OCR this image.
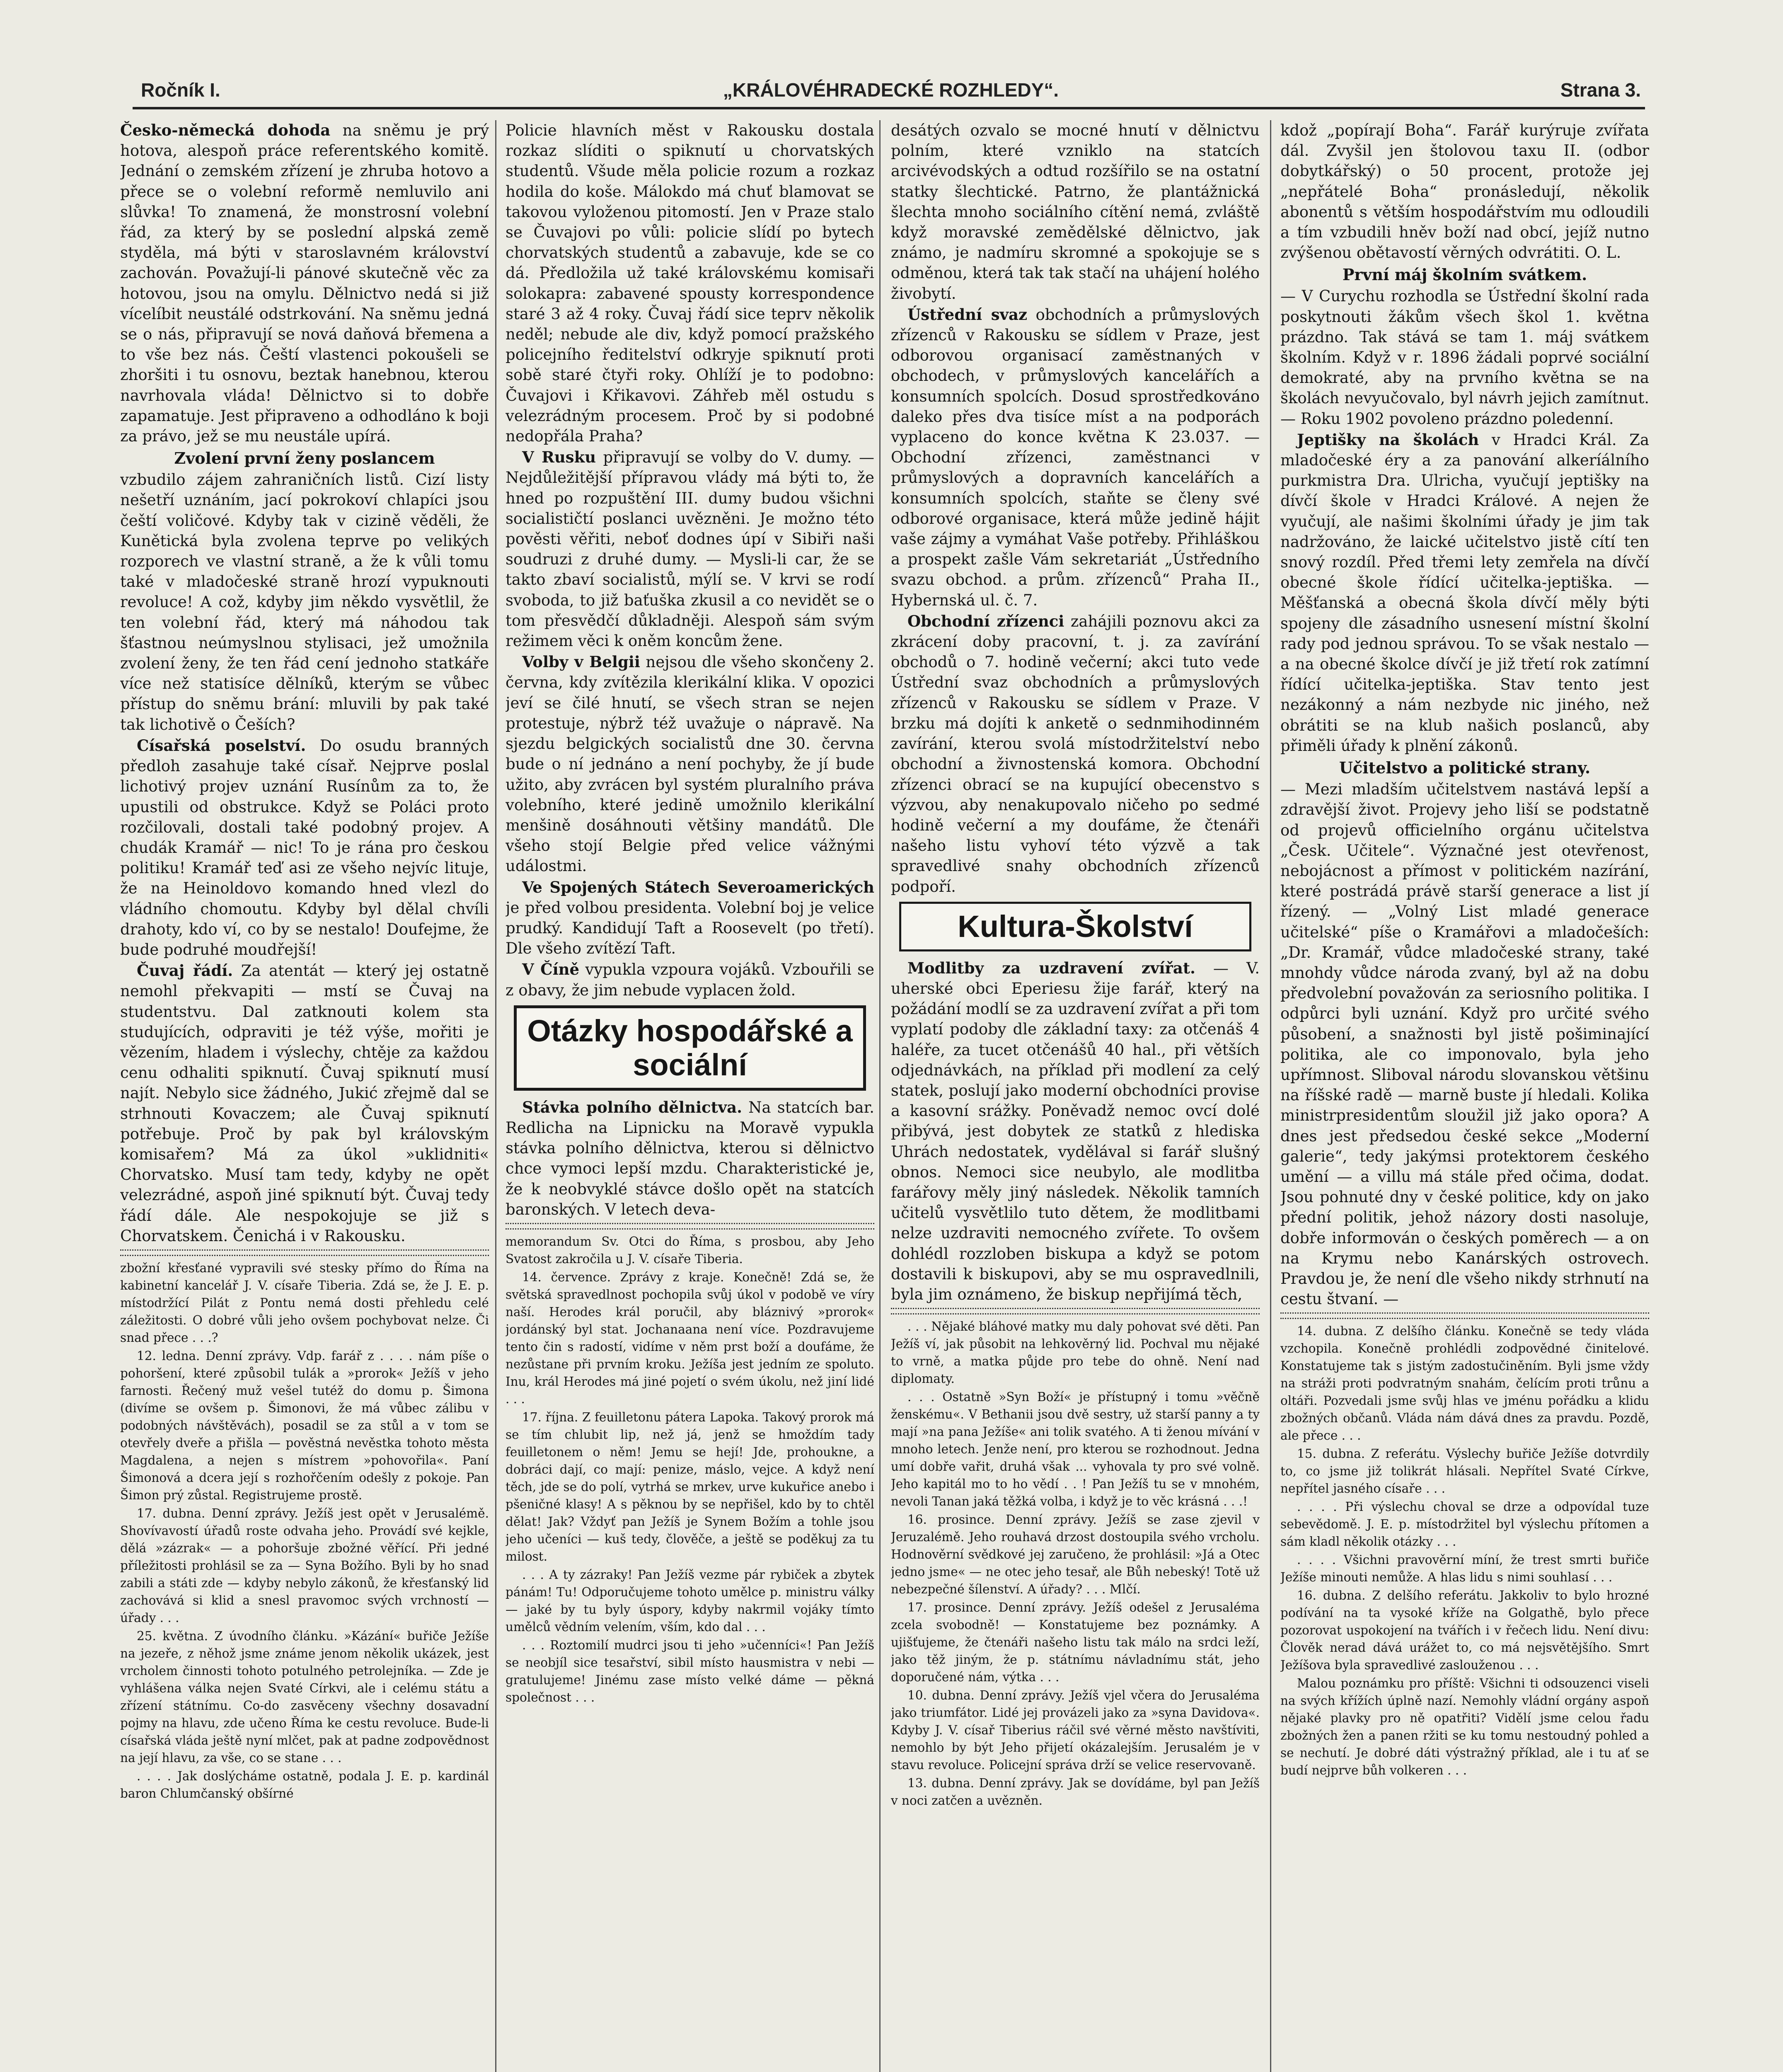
Ročník I.	„KRÁLOVÉHRADECKÉ ROZHLEDY“.	Strana 3.

Česko-německá dohoda na sněmu je prý hotova, alespoň práce referentského komitě. Jednání o zemském zřízení je zhruba hotovo a přece se o volební reformě nemluvilo ani slůvka! To znamená, že monstrosní volební řád, za který by se poslední alpská země styděla, má býti v staroslavném království zachován. Považují-li pánové skutečně věc za hotovou, jsou na omylu. Dělnictvo nedá si již vícelíbit neustálé odstrkování. Na sněmu jedná se o nás, připravují se nová daňová břemena a to vše bez nás. Čeští vlastenci pokoušeli se zhoršiti i tu osnovu, beztak hanebnou, kterou navrhovala vláda! Dělnictvo si to dobře zapamatuje. Jest připraveno a odhodláno k boji za právo, jež se mu neustále upírá.

Zvolení první ženy poslancem

vzbudilo zájem zahraničních listů. Cizí listy nešetří uznáním, jací pokrokoví chlapíci jsou čeští voličové. Kdyby tak v cizině věděli, že Kunětická byla zvolena teprve po velikých rozporech ve vlastní straně, a že k vůli tomu také v mladočeské straně hrozí vypuknouti revoluce! A což, kdyby jim někdo vysvětlil, že ten volební řád, který má náhodou tak šťastnou neúmyslnou stylisaci, jež umožnila zvolení ženy, že ten řád cení jednoho statkáře více než statisíce dělníků, kterým se vůbec přístup do sněmu brání: mluvili by pak také tak lichotivě o Češích?

Císařská poselství. Do osudu branných předloh zasahuje také císař. Nejprve poslal lichotivý projev uznání Rusínům za to, že upustili od obstrukce. Když se Poláci proto rozčilovali, dostali také podobný projev. A chudák Kramář — nic! To je rána pro českou politiku! Kramář teď asi ze všeho nejvíc lituje, že na Heinoldovo komando hned vlezl do vládního chomoutu. Kdyby byl dělal chvíli drahoty, kdo ví, co by se nestalo! Doufejme, že bude podruhé moudřejší!

Čuvaj řádí. Za atentát — který jej ostatně nemohl překvapiti — mstí se Čuvaj na studentstvu. Dal zatknouti kolem sta studujících, odpraviti je též výše, mořiti je vězením, hladem i výslechy, chtěje za každou cenu odhaliti spiknutí. Čuvaj spiknutí musí najít. Nebylo sice žádného, Jukić zřejmě dal se strhnouti Kovaczem; ale Čuvaj spiknutí potřebuje. Proč by pak byl královským komisařem? Má za úkol »uklidniti« Chorvatsko. Musí tam tedy, kdyby ne opět velezrádné, aspoň jiné spiknutí být. Čuvaj tedy řádí dále. Ale nespokojuje se již s Chorvatskem. Čenichá i v Rakousku.

zbožní křesťané vypravili své stesky přímo do Říma na kabinetní kancelář J. V. císaře Tiberia. Zdá se, že J. E. p. místodržící Pilát z Pontu nemá dosti přehledu celé záležitosti. O dobré vůli jeho ovšem pochybovat nelze. Či snad přece . . .?

12. ledna. Denní zprávy. Vdp. farář z . . . . nám píše o pohoršení, které způsobil tulák a »prorok« Ježíš v jeho farnosti. Řečený muž vešel tutéž do domu p. Šimona (divíme se ovšem p. Šimonovi, že má vůbec zálibu v podobných návštěvách), posadil se za stůl a v tom se otevřely dveře a přišla — pověstná nevěstka tohoto města Magdalena, a nejen s místrem »pohovořila«. Paní Šimonová a dcera její s rozhořčením odešly z pokoje. Pan Šimon prý zůstal. Registrujeme prostě.

17. dubna. Denní zprávy. Ježíš jest opět v Jerusalémě. Shovívavostí úřadů roste odvaha jeho. Provádí své kejkle, dělá »zázrak« — a pohoršuje zbožné věřící. Při jedné příležitosti prohlásil se za — Syna Božího. Byli by ho snad zabili a státi zde — kdyby nebylo zákonů, že křesťanský lid zachovává si klid a snesl pravomoc svých vrchností — úřady . . .

25. května. Z úvodního článku. »Kázání« buřiče Ježíše na jezeře, z něhož jsme známe jenom několik ukázek, jest vrcholem činnosti tohoto potulného petrolejníka. — Zde je vyhlášena válka nejen Svaté Církvi, ale i celému státu a zřízení státnímu. Co-do zasvěceny všechny dosavadní pojmy na hlavu, zde učeno Říma ke cestu revoluce. Bude-li císařská vláda ještě nyní mlčet, pak at padne zodpovědnost na její hlavu, za vše, co se stane . . .

. . . . Jak doslýcháme ostatně, podala J. E. p. kardinál baron Chlumčanský obšírné

Policie hlavních měst v Rakousku dostala rozkaz slíditi o spiknutí u chorvatských studentů. Všude měla policie rozum a rozkaz hodila do koše. Málokdo má chuť blamovat se takovou vyloženou pitomostí. Jen v Praze stalo se Čuvajovi po vůli: policie slídí po bytech chorvatských studentů a zabavuje, kde se co dá. Předložila už také královskému komisaři solokapra: zabavené spousty korrespondence staré 3 až 4 roky. Čuvaj řádí sice teprv několik neděl; nebude ale div, když pomocí pražského policejního ředitelství odkryje spiknutí proti sobě staré čtyři roky. Ohlíží je to podobno: Čuvajovi i Křikavovi. Záhřeb měl ostudu s velezrádným procesem. Proč by si podobné nedopřála Praha?

V Rusku připravují se volby do V. dumy. — Nejdůležitější přípravou vlády má býti to, že hned po rozpuštění III. dumy budou všichni socialističtí poslanci uvězněni. Je možno této pověsti věřiti, neboť dodnes úpí v Sibiři naši soudruzi z druhé dumy. — Mysli-li car, že se takto zbaví socialistů, mýlí se. V krvi se rodí svoboda, to již baťuška zkusil a co nevidět se o tom přesvědčí důkladněji. Alespoň sám svým režimem věci k oněm koncům žene.

Volby v Belgii nejsou dle všeho skončeny 2. června, kdy zvítězila klerikální klika. V opozici jeví se čilé hnutí, se všech stran se nejen protestuje, nýbrž též uvažuje o nápravě. Na sjezdu belgických socialistů dne 30. června bude o ní jednáno a není pochyby, že jí bude užito, aby zvrácen byl systém pluralního práva volebního, které jedině umožnilo klerikální menšině dosáhnouti většiny mandátů. Dle všeho stojí Belgie před velice vážnými událostmi.

Ve Spojených Státech Severoamerických je před volbou presidenta. Volební boj je velice prudký. Kandidují Taft a Roosevelt (po třetí). Dle všeho zvítězí Taft.

V Číně vypukla vzpoura vojáků. Vzbouřili se z obavy, že jim nebude vyplacen žold.

Otázky hospodářské a sociální

Stávka polního dělnictva. Na statcích bar. Redlicha na Lipnicku na Moravě vypukla stávka polního dělnictva, kterou si dělnictvo chce vymoci lepší mzdu. Charakteristické je, že k neobvyklé stávce došlo opět na statcích baronských. V letech deva-

memorandum Sv. Otci do Říma, s prosbou, aby Jeho Svatost zakročila u J. V. císaře Tiberia.

14. července. Zprávy z kraje. Konečně! Zdá se, že světská spravedlnost pochopila svůj úkol v podobě ve víry naší. Herodes král poručil, aby bláznivý »prorok« jordánský byl stat. Jochanaana není více. Pozdravujeme tento čin s radostí, vidíme v něm prst boží a doufáme, že nezůstane při prvním kroku. Ježíša jest jedním ze spoluto. Inu, král Herodes má jiné pojetí o svém úkolu, než jiní lidé . . .

17. října. Z feuilletonu pátera Lapoka. Takový prorok má se tím chlubit lip, než já, jenž se hmoždím tady feuilletonem o něm! Jemu se hejí! Jde, prohoukne, a dobráci dají, co mají: penize, máslo, vejce. A když není těch, jde se do polí, vytrhá se mrkev, urve kukuřice anebo i pšeničné klasy! A s pěknou by se nepřišel, kdo by to chtěl dělat! Jak? Vždyť pan Ježíš je Synem Božím a tohle jsou jeho učeníci — kuš tedy, člověče, a ještě se poděkuj za tu milost.

. . . A ty zázraky! Pan Ježíš vezme pár rybiček a zbytek pánám! Tu! Odporučujeme tohoto umělce p. ministru války — jaké by tu byly úspory, kdyby nakrmil vojáky tímto umělců vědním velením, vším, kdo dal . . .

. . . Roztomilí mudrci jsou ti jeho »učenníci«! Pan Ježíš se neobjíl sice tesařství, sibil místo hausmistra v nebi — gratulujeme! Jinému zase místo velké dáme — pěkná společnost . . .

desátých ozvalo se mocné hnutí v dělnictvu polním, které vzniklo na statcích arcivévodských a odtud rozšířilo se na ostatní statky šlechtické. Patrno, že plantážnická šlechta mnoho sociálního cítění nemá, zvláště když moravské zemědělské dělnictvo, jak známo, je nadmíru skromné a spokojuje se s odměnou, která tak tak stačí na uhájení holého živobytí.

Ústřední svaz obchodních a průmyslových zřízenců v Rakousku se sídlem v Praze, jest odborovou organisací zaměstnaných v obchodech, v průmyslových kancelářích a konsumních spolcích. Dosud sprostředkováno daleko přes dva tisíce míst a na podporách vyplaceno do konce května K 23.037. — Obchodní zřízenci, zaměstnanci v průmyslových a dopravních kancelářích a konsumních spolcích, staňte se členy své odborové organisace, která může jedině hájit vaše zájmy a vymáhat Vaše potřeby. Přihláškou a prospekt zašle Vám sekretariát „Ústředního svazu obchod. a prům. zřízenců“ Praha II., Hybernská ul. č. 7.

Obchodní zřízenci zahájili poznovu akci za zkrácení doby pracovní, t. j. za zavírání obchodů o 7. hodině večerní; akci tuto vede Ústřední svaz obchodních a průmyslových zřízenců v Rakousku se sídlem v Praze. V brzku má dojíti k anketě o sednmihodinném zavírání, kterou svolá místodržitelství nebo obchodní a živnostenská komora. Obchodní zřízenci obrací se na kupující obecenstvo s výzvou, aby nenakupovalo ničeho po sedmé hodině večerní a my doufáme, že čtenáři našeho listu vyhoví této výzvě a tak spravedlivé snahy obchodních zřízenců podpoří.

Kultura-Školství

Modlitby za uzdravení zvířat. — V. uherské obci Eperiesu žije farář, který na požádání modlí se za uzdravení zvířat a při tom vyplatí podoby dle základní taxy: za otčenáš 4 haléře, za tucet otčenášů 40 hal., při větších odjednávkách, na příklad při modlení za celý statek, poslují jako moderní obchodníci provise a kasovní srážky. Poněvadž nemoc ovcí dolé přibývá, jest dobytek ze statků z hlediska Uhrách nedostatek, vydělával si farář slušný obnos. Nemoci sice neubylo, ale modlitba farářovy měly jiný následek. Několik tamních učitelů vysvětlilo tuto dětem, že modlitbami nelze uzdraviti nemocného zvířete. To ovšem dohlédl rozzloben biskupa a když se potom dostavili k biskupovi, aby se mu ospravedlnili, byla jim oznámeno, že biskup nepřijímá těch,

. . . Nějaké bláhové matky mu daly pohovat své děti. Pan Ježíš ví, jak působit na lehkověrný lid. Pochval mu nějaké to vrně, a matka půjde pro tebe do ohně. Není nad diplomaty.

. . . Ostatně »Syn Boží« je přístupný i tomu »věčně ženskému«. V Bethanii jsou dvě sestry, už starší panny a ty mají »na pana Ježíše« ani tolik svatého. A ti ženou mívání v mnoho letech. Jenže není, pro kterou se rozhodnout. Jedna umí dobře vařit, druhá však ... vyhovala ty pro své volně. Jeho kapitál mo to ho vědí . . ! Pan Ježíš tu se v mnohém, nevoli Tanan jaká těžká volba, i když je to věc krásná . . .!

16. prosince. Denní zprávy. Ježíš se zase zjevil v Jeruzalémě. Jeho rouhavá drzost dostoupila svého vrcholu. Hodnověrní svědkové jej zaručeno, že prohlásil: »Já a Otec jedno jsme« — ne otec jeho tesař, ale Bůh nebeský! Totě už nebezpečné šílenství. A úřady? . . . Mlčí.

17. prosince. Denní zprávy. Ježíš odešel z Jerusaléma zcela svobodně! — Konstatujeme bez poznámky. A ujišťujeme, že čtenáři našeho listu tak málo na srdci leží, jako těž jiným, že p. státnímu návladnímu stát, jeho doporučené nám, výtka . . .

10. dubna. Denní zprávy. Ježíš vjel včera do Jerusaléma jako triumfátor. Lidé jej provázeli jako za »syna Davidova«. Kdyby J. V. císař Tiberius ráčil své věrné město navštíviti, nemohlo by být Jeho přijetí okázalejším. Jerusalém je v stavu revoluce. Policejní správa drží se velice reservovaně.

13. dubna. Denní zprávy. Jak se dovídáme, byl pan Ježíš v noci zatčen a uvězněn.

kdož „popírají Boha“. Farář kurýruje zvířata dál. Zvyšil jen štolovou taxu II. (odbor dobytkářský) o 50 procent, protože jej „nepřátelé Boha“ pronásledují, několik abonentů s větším hospodářstvím mu odloudili a tím vzbudili hněv boží nad obcí, jejíž nutno zvýšenou obětavostí věrných odvrátiti. O. L.

První máj školním svátkem.

— V Curychu rozhodla se Ústřední školní rada poskytnouti žákům všech škol 1. května prázdno. Tak stává se tam 1. máj svátkem školním. Když v r. 1896 žádali poprvé sociální demokraté, aby na prvního května se na školách nevyučovalo, byl návrh jejich zamítnut. — Roku 1902 povoleno prázdno poledenní.

Jeptišky na školách v Hradci Král. Za mladočeské éry a za panování alkeríálního purkmistra Dra. Ulricha, vyučují jeptišky na dívčí škole v Hradci Králové. A nejen že vyučují, ale našimi školními úřady je jim tak nadržováno, že laické učitelstvo jistě cítí ten snový rozdíl. Před třemi lety zemřela na dívčí obecné škole řídící učitelka-jeptiška. — Měšťanská a obecná škola dívčí měly býti spojeny dle zásadního usnesení místní školní rady pod jednou správou. To se však nestalo — a na obecné školce dívčí je již třetí rok zatímní řídící učitelka-jeptiška. Stav tento jest nezákonný a nám nezbyde nic jiného, než obrátiti se na klub našich poslanců, aby přiměli úřady k plnění zákonů.

Učitelstvo a politické strany.

— Mezi mladším učitelstvem nastává lepší a zdravější život. Projevy jeho liší se podstatně od projevů officielního orgánu učitelstva „Česk. Učitele“. Význačné jest otevřenost, nebojácnost a přímost v politickém nazírání, které postrádá právě starší generace a list jí řízený. — „Volný List mladé generace učitelské“ píše o Kramářovi a mladočeších: „Dr. Kramář, vůdce mladočeské strany, také mnohdy vůdce národa zvaný, byl až na dobu předvolební považován za seriosního politika. I odpůrci byli uznání. Když pro určité svého působení, a snažnosti byl jistě pošiminající politika, ale co imponovalo, byla jeho upřímnost. Sliboval národu slovanskou většinu na říšské radě — marně buste jí hledali. Kolika ministrpresidentům sloužil již jako opora? A dnes jest předsedou české sekce „Moderní galerie“, tedy jakýmsi protektorem českého umění — a villu má stále před očima, dodat. Jsou pohnuté dny v české politice, kdy on jako přední politik, jehož názory dosti nasoluje, dobře informován o českých poměrech — a on na Krymu nebo Kanárských ostrovech. Pravdou je, že není dle všeho nikdy strhnutí na cestu štvaní. —

14. dubna. Z delšího článku. Konečně se tedy vláda vzchopila. Konečně prohlédli zodpovědné činitelové. Konstatujeme tak s jistým zadostučiněním. Byli jsme vždy na stráži proti podvratným snahám, čelícím proti trůnu a oltáři. Pozvedali jsme svůj hlas ve jménu pořádku a klidu zbožných občanů. Vláda nám dává dnes za pravdu. Pozdě, ale přece . . .

15. dubna. Z referátu. Výslechy buřiče Ježíše dotvrdily to, co jsme již tolikrát hlásali. Nepřítel Svaté Církve, nepřítel jasného císaře . . .

. . . . Při výslechu choval se drze a odpovídal tuze sebevědomě. J. E. p. místodržitel byl výslechu přítomen a sám kladl několik otázky . . .

. . . . Všichni pravověrní míní, že trest smrti buřiče Ježíše minouti nemůže. A hlas lidu s nimi souhlasí . . .

16. dubna. Z delšího referátu. Jakkoliv to bylo hrozné podívání na ta vysoké kříže na Golgathě, bylo přece pozorovat uspokojení na tvářích i v řečech lidu. Není divu: Člověk nerad dává urážet to, co má nejsvětějšího. Smrt Ježíšova byla spravedlivé zaslouženou . . .

Malou poznámku pro příště: Všichni ti odsouzenci viseli na svých křížích úplně nazí. Nemohly vládní orgány aspoň nějaké plavky pro ně opatřiti? Vidělí jsme celou řadu zbožných žen a panen ržiti se ku tomu nestoudný pohled a se nechutí. Je dobré dáti výstražný příklad, ale i tu ať se budí nejprve bůh volkeren . . .
